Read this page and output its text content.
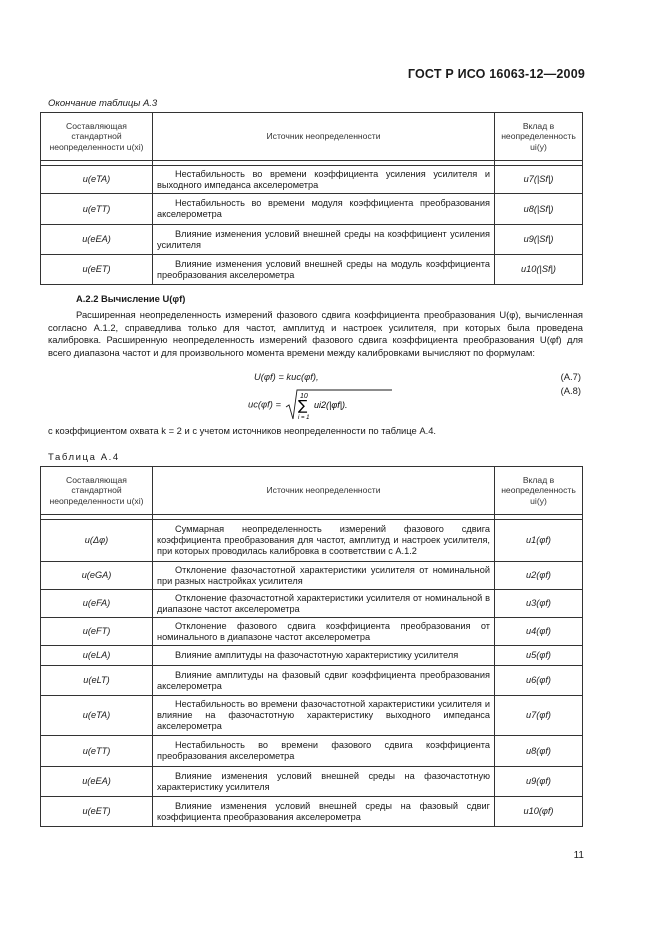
ГОСТ Р ИСО 16063-12—2009
Окончание таблицы А.3
Составляющая стандартной неопределенности u(xi)	Источник неопределенности	Вклад в неопределенность ui(y)

u(eTA)	Нестабильность во времени коэффициента усиления усилителя и выходного импеданса акселерометра	u7(|Sf|)
u(eTT)	Нестабильность во времени модуля коэффициента преобразования акселерометра	u8(|Sf|)
u(eEA)	Влияние изменения условий внешней среды на коэффициент усиления усилителя	u9(|Sf|)
u(eET)	Влияние изменения условий внешней среды на модуль коэффициента преобразования акселерометра	u10(|Sf|)
А.2.2 Вычисление U(φf)
Расширенная неопределенность измерений фазового сдвига коэффициента преобразования U(φ), вычисленная согласно А.1.2, справедлива только для частот, амплитуд и настроек усилителя, при которых была проведена калибровка. Расширенную неопределенность измерений фазового сдвига коэффициента преобразования U(φf) для всего диапазона частот и для произвольного момента времени между калибровками вычисляют по формулам:
U(φf) = kuc(φf),	(А.7)
uc(φf) =
10
∑
i = 1
ui2(|φf|).
(А.8)
с коэффициентом охвата k = 2 и с учетом источников неопределенности по таблице А.4.
Таблица А.4
Составляющая стандартной неопределенности u(xi)	Источник неопределенности	Вклад в неопределенность ui(y)

u(Δφ)	Суммарная неопределенность измерений фазового сдвига коэффициента преобразования для частот, амплитуд и настроек усилителя, при которых проводилась калибровка в соответствии с А.1.2	u1(φf)
u(eGA)	Отклонение фазочастотной характеристики усилителя от номинальной при разных настройках усилителя	u2(φf)
u(eFA)	Отклонение фазочастотной характеристики усилителя от номинальной в диапазоне частот акселерометра	u3(φf)
u(eFT)	Отклонение фазового сдвига коэффициента преобразования от номинального в диапазоне частот акселерометра	u4(φf)
u(eLA)	Влияние амплитуды на фазочастотную характеристику усилителя	u5(φf)
u(eLT)	Влияние амплитуды на фазовый сдвиг коэффициента преобразования акселерометра	u6(φf)
u(eTA)	Нестабильность во времени фазочастотной характеристики усилителя и влияние на фазочастотную характеристику выходного импеданса акселерометра	u7(φf)
u(eTT)	Нестабильность во времени фазового сдвига коэффициента преобразования акселерометра	u8(φf)
u(eEA)	Влияние изменения условий внешней среды на фазочастотную характеристику усилителя	u9(φf)
u(eET)	Влияние изменения условий внешней среды на фазовый сдвиг коэффициента преобразования акселерометра	u10(φf)
11
